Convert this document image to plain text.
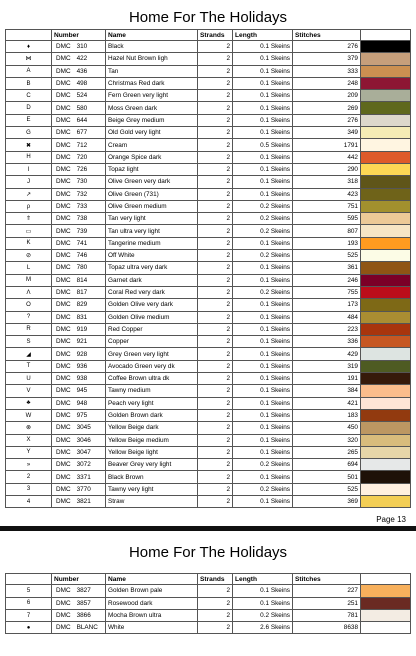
Home For The Holidays
	Number	Name	Strands	Length	Stitches	
♦	DMC 310	Black	2	0.1 Skeins	276	

⋈	DMC 422	Hazel Nut Brown ligh	2	0.1 Skeins	379	

A	DMC 436	Tan	2	0.1 Skeins	333	

B	DMC 498	Christmas Red dark	2	0.1 Skeins	248	

C	DMC 524	Fern Green very light	2	0.1 Skeins	209	

D	DMC 580	Moss Green dark	2	0.1 Skeins	269	

E	DMC 644	Beige Grey medium	2	0.1 Skeins	276	

G	DMC 677	Old Gold very light	2	0.1 Skeins	349	

✖	DMC 712	Cream	2	0.5 Skeins	1791	

H	DMC 720	Orange Spice dark	2	0.1 Skeins	442	

I	DMC 726	Topaz light	2	0.1 Skeins	290	

J	DMC 730	Olive Green very dark	2	0.1 Skeins	318	

↗	DMC 732	Olive Green (731)	2	0.1 Skeins	423	

ρ	DMC 733	Olive Green medium	2	0.2 Skeins	751	

⇑	DMC 738	Tan very light	2	0.2 Skeins	595	

▭	DMC 739	Tan ultra very light	2	0.2 Skeins	807	

K	DMC 741	Tangerine medium	2	0.1 Skeins	193	

⊘	DMC 746	Off White	2	0.2 Skeins	525	

L	DMC 780	Topaz ultra very dark	2	0.1 Skeins	361	

M	DMC 814	Garnet dark	2	0.1 Skeins	246	

Λ	DMC 817	Coral Red very dark	2	0.2 Skeins	755	

O	DMC 829	Golden Olive very dark	2	0.1 Skeins	173	

?	DMC 831	Golden Olive medium	2	0.1 Skeins	484	

R	DMC 919	Red Copper	2	0.1 Skeins	223	

S	DMC 921	Copper	2	0.1 Skeins	336	

◢	DMC 928	Grey Green very light	2	0.1 Skeins	429	

T	DMC 936	Avocado Green very dk	2	0.1 Skeins	319	

U	DMC 938	Coffee Brown ultra dk	2	0.1 Skeins	191	

V	DMC 945	Tawny medium	2	0.1 Skeins	384	

♣	DMC 948	Peach very light	2	0.1 Skeins	421	

W	DMC 975	Golden Brown dark	2	0.1 Skeins	183	

⊗	DMC 3045	Yellow Beige dark	2	0.1 Skeins	450	

X	DMC 3046	Yellow Beige medium	2	0.1 Skeins	320	

Y	DMC 3047	Yellow Beige light	2	0.1 Skeins	265	

»	DMC 3072	Beaver Grey very light	2	0.2 Skeins	694	

2	DMC 3371	Black Brown	2	0.1 Skeins	501	

3	DMC 3770	Tawny very light	2	0.2 Skeins	525	

4	DMC 3821	Straw	2	0.1 Skeins	369	
Page 13
Home For The Holidays
	Number	Name	Strands	Length	Stitches	
5	DMC 3827	Golden Brown pale	2	0.1 Skeins	227	

6	DMC 3857	Rosewood dark	2	0.1 Skeins	251	

7	DMC 3866	Mocha Brown ultra	2	0.2 Skeins	781	

●	DMC BLANC	White	2	2.6 Skeins	8638	
